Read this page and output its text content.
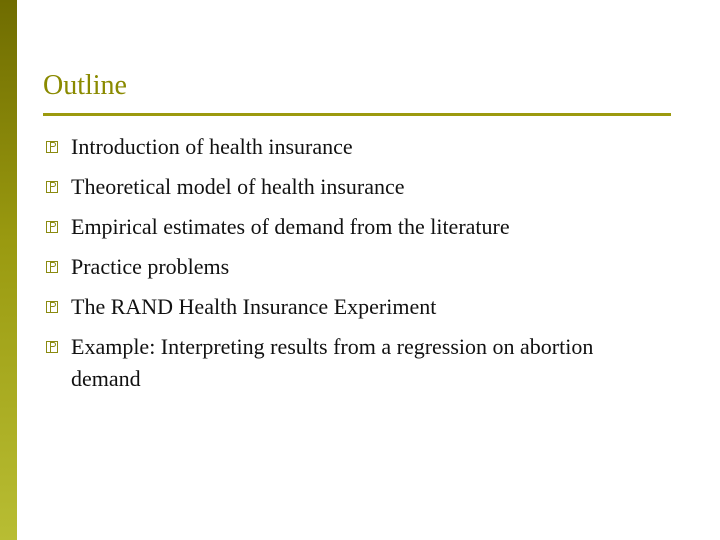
Outline
Introduction of health insurance
Theoretical model of health insurance
Empirical estimates of demand from the literature
Practice problems
The RAND Health Insurance Experiment
Example: Interpreting results from a regression on abortion demand
